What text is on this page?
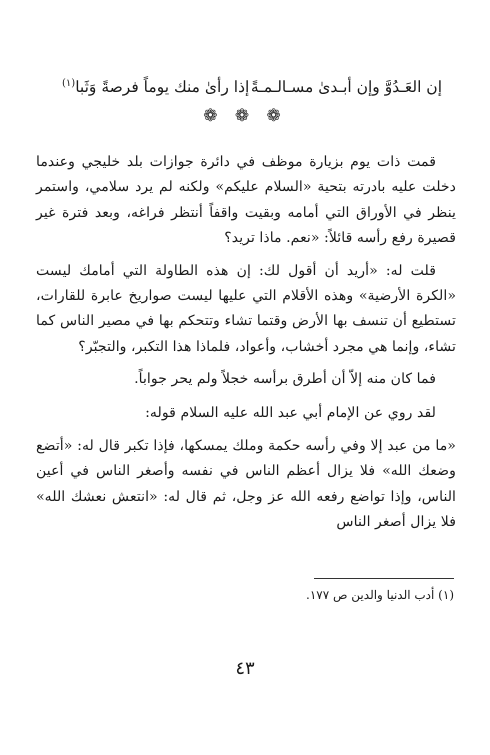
إن العَـدُوَّ وإن أبـدىٰ مسـالـمـةً
إذا رأىٰ منك يوماً فرصةً وَثَبا$^{(١)}$
❁ ❁ ❁

قمت ذات يوم بزيارة موظف في دائرة جوازات بلد خليجي وعندما دخلت عليه بادرته بتحية «السلام عليكم» ولكنه لم يرد سلامي، واستمر ينظر في الأوراق التي أمامه وبقيت واقفاً أنتظر فراغه، وبعد فترة غير قصيرة رفع رأسه قائلاً: «نعم. ماذا تريد؟

قلت له: «أريد أن أقول لك: إن هذه الطاولة التي أمامك ليست «الكرة الأرضية» وهذه الأقلام التي عليها ليست صواريخ عابرة للقارات، تستطيع أن تنسف بها الأرض وقتما تشاء وتتحكم بها في مصير الناس كما تشاء، وإنما هي مجرد أخشاب، وأعواد، فلماذا هذا التكبر، والتجبّر؟

فما كان منه إلاّ أن أطرق برأسه خجلاً ولم يحر جواباً.

لقد روي عن الإمام أبي عبد الله عليه السلام قوله:

«ما من عبد إلا وفي رأسه حكمة وملك يمسكها، فإذا تكبر قال له: «أتضع وضعك الله» فلا يزال أعظم الناس في نفسه وأصغر الناس في أعين الناس، وإذا تواضع رفعه الله عز وجل، ثم قال له: «انتعش نعشك الله» فلا يزال أصغر الناس

(١) أدب الدنيا والدين ص ١٧٧.
٤٣
